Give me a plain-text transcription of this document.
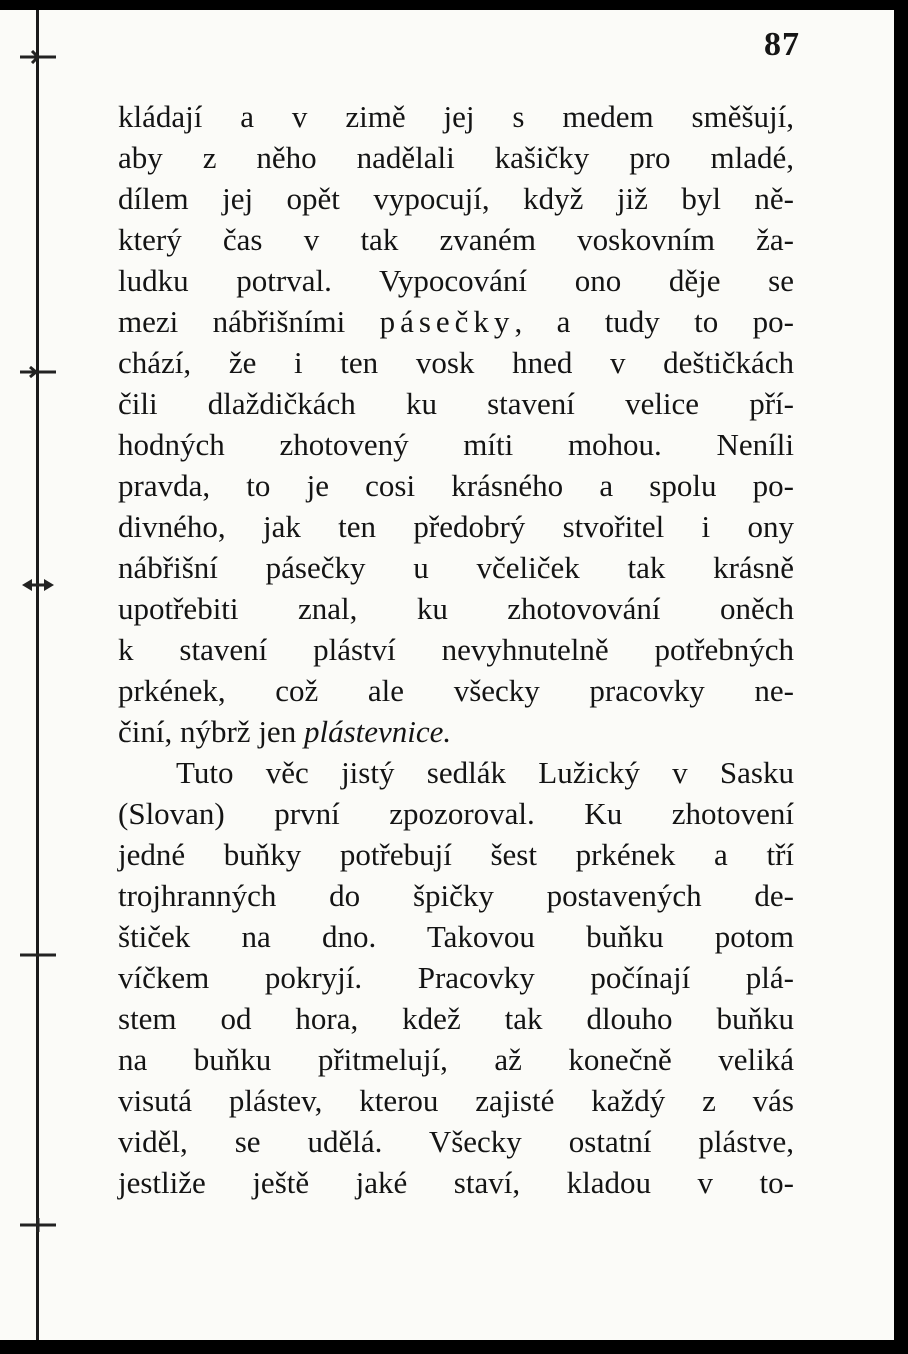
87
kládají a v zimě jej s medem směšují,
aby z něho nadělali kašičky pro mladé,
dílem jej opět vypocují, když již byl ně-
který čas v tak zvaném voskovním ža-
ludku potrval. Vypocování ono děje se
mezi nábřišními pásečky, a tudy to po-
chází, že i ten vosk hned v deštičkách
čili dlaždičkách ku stavení velice pří-
hodných zhotovený míti mohou. Neníli
pravda, to je cosi krásného a spolu po-
divného, jak ten předobrý stvořitel i ony
nábřišní pásečky u včeliček tak krásně
upotřebiti znal, ku zhotovování oněch
k stavení pláství nevyhnutelně potřebných
prkének, což ale všecky pracovky ne-
činí, nýbrž jen plástevnice.
Tuto věc jistý sedlák Lužický v Sasku
(Slovan) první zpozoroval. Ku zhotovení
jedné buňky potřebují šest prkének a tří
trojhranných do špičky postavených de-
štiček na dno. Takovou buňku potom
víčkem pokryjí. Pracovky počínají plá-
stem od hora, kdež tak dlouho buňku
na buňku přitmelují, až konečně veliká
visutá plástev, kterou zajisté každý z vás
viděl, se udělá. Všecky ostatní plástve,
jestliže ještě jaké staví, kladou v to-
